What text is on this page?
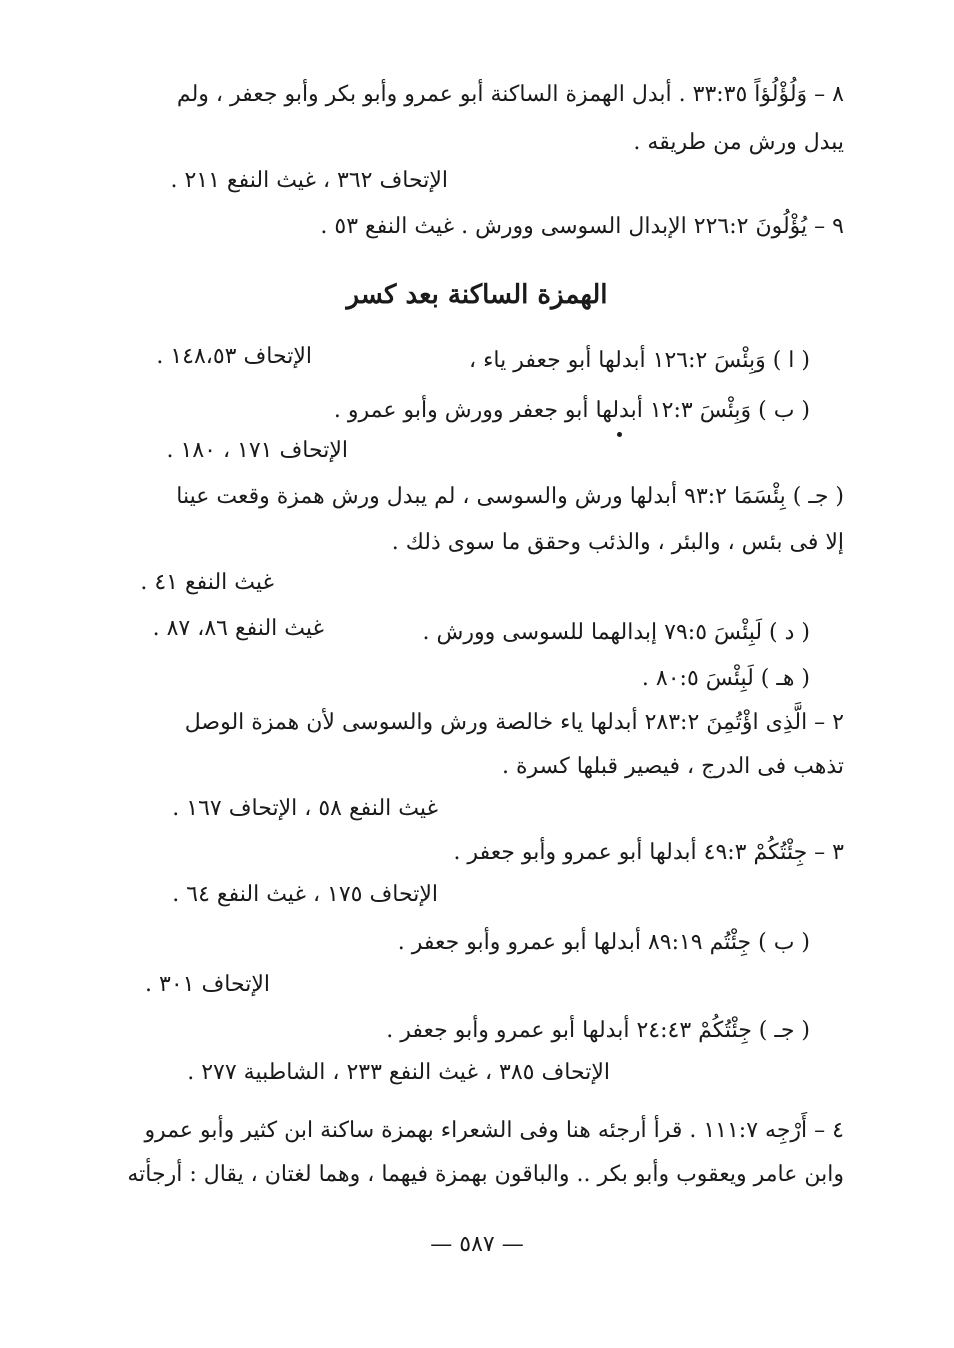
٨ – وَلُؤْلُؤاً ٣٣:٣٥ . أبدل الهمزة الساكنة أبو عمرو وأبو بكر وأبو جعفر ، ولم
يبدل ورش من طريقه .
الإتحاف ٣٦٢ ، غيث النفع ٢١١ .
٩ – يُؤْلُونَ ٢٢٦:٢ الإبدال السوسى وورش . غيث النفع ٥٣ .
الهمزة الساكنة بعد كسر
( ا ) وَبِئْسَ ١٢٦:٢ أبدلها أبو جعفر ياء ،
الإتحاف ١٤٨،٥٣ .
( ب ) وَبِئْسَ ١٢:٣ أبدلها أبو جعفر وورش وأبو عمرو .
الإتحاف ١٧١ ، ١٨٠ .
( جـ ) بِئْسَمَا ٩٣:٢ أبدلها ورش والسوسى ، لم يبدل ورش همزة وقعت عينا
إلا فى بئس ، والبئر ، والذئب وحقق ما سوى ذلك .
غيث النفع ٤١ .
( د ) لَبِئْسَ ٧٩:٥ إبدالهما للسوسى وورش .
غيث النفع ٨٦، ٨٧ .
( هـ ) لَبِئْسَ ٨٠:٥ .
٢ – الَّذِى اؤْتُمِنَ ٢٨٣:٢ أبدلها ياء خالصة ورش والسوسى لأن همزة الوصل
تذهب فى الدرج ، فيصير قبلها كسرة .
غيث النفع ٥٨ ، الإتحاف ١٦٧ .
٣ – جِئْتُكُمْ ٤٩:٣ أبدلها أبو عمرو وأبو جعفر .
الإتحاف ١٧٥ ، غيث النفع ٦٤ .
( ب ) جِئْتُم ٨٩:١٩ أبدلها أبو عمرو وأبو جعفر .
الإتحاف ٣٠١ .
( جـ ) جِئْتُكُمْ ٢٤:٤٣ أبدلها أبو عمرو وأبو جعفر .
الإتحاف ٣٨٥ ، غيث النفع ٢٣٣ ، الشاطبية ٢٧٧ .
٤ – أَرْجِه ١١١:٧ . قرأ أرجئه هنا وفى الشعراء بهمزة ساكنة ابن كثير وأبو عمرو
وابن عامر ويعقوب وأبو بكر .. والباقون بهمزة فيهما ، وهما لغتان ، يقال : أرجأته
— ٥٨٧ —
